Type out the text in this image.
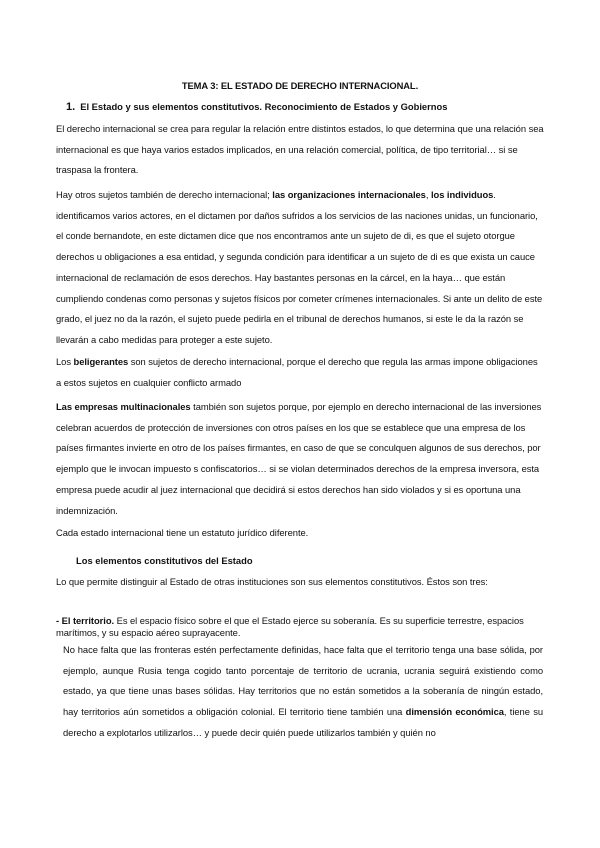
TEMA 3: EL ESTADO DE DERECHO INTERNACIONAL.
1. El Estado y sus elementos constitutivos. Reconocimiento de Estados y Gobiernos
El derecho internacional se crea para regular la relación entre distintos estados, lo que determina que una relación sea internacional es que haya varios estados implicados, en una relación comercial, política, de tipo territorial… si se traspasa la frontera.
Hay otros sujetos también de derecho internacional; las organizaciones internacionales, los individuos. identificamos varios actores, en el dictamen por daños sufridos a los servicios de las naciones unidas, un funcionario, el conde bernandote, en este dictamen dice que nos encontramos ante un sujeto de di, es que el sujeto otorgue derechos u obligaciones a esa entidad, y segunda condición para identificar a un sujeto de di es que exista un cauce internacional de reclamación de esos derechos. Hay bastantes personas en la cárcel, en la haya… que están cumpliendo condenas como personas y sujetos físicos por cometer crímenes internacionales. Si ante un delito de este grado, el juez no da la razón, el sujeto puede pedirla en el tribunal de derechos humanos, si este le da la razón se llevarán a cabo medidas para proteger a este sujeto.
Los beligerantes son sujetos de derecho internacional, porque el derecho que regula las armas impone obligaciones a estos sujetos en cualquier conflicto armado
Las empresas multinacionales también son sujetos porque, por ejemplo en derecho internacional de las inversiones celebran acuerdos de protección de inversiones con otros países en los que se establece que una empresa de los países firmantes invierte en otro de los países firmantes, en caso de que se conculquen algunos de sus derechos, por ejemplo que le invocan impuesto s confiscatorios… si se violan determinados derechos de la empresa inversora, esta empresa puede acudir al juez internacional que decidirá si estos derechos han sido violados y si es oportuna una indemnización.
Cada estado internacional tiene un estatuto jurídico diferente.
Los elementos constitutivos del Estado
Lo que permite distinguir al Estado de otras instituciones son sus elementos constitutivos. Éstos son tres:
- El territorio. Es el espacio físico sobre el que el Estado ejerce su soberanía. Es su superficie terrestre, espacios marítimos, y su espacio aéreo suprayacente.
No hace falta que las fronteras estén perfectamente definidas, hace falta que el territorio tenga una base sólida, por ejemplo, aunque Rusia tenga cogido tanto porcentaje de territorio de ucrania, ucrania seguirá existiendo como estado, ya que tiene unas bases sólidas. Hay territorios que no están sometidos a la soberanía de ningún estado, hay territorios aún sometidos a obligación colonial. El territorio tiene también una dimensión económica, tiene su derecho a explotarlos utilizarlos… y puede decir quién puede utilizarlos también y quién no
